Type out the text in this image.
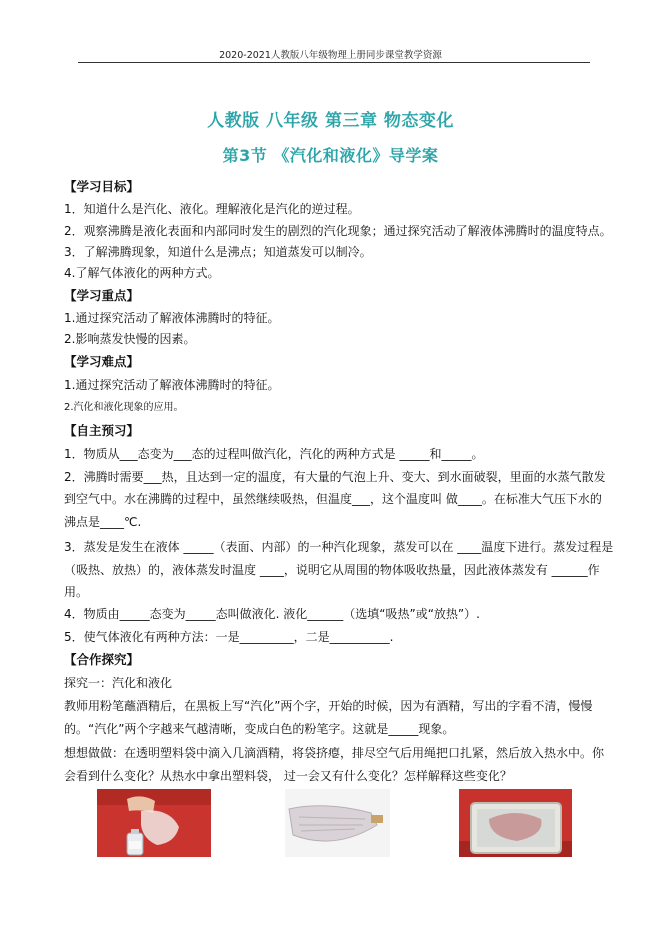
2020-2021人教版八年级物理上册同步课堂教学资源
人教版 八年级 第三章 物态变化
第3节 《汽化和液化》导学案
【学习目标】
1．知道什么是汽化、液化。理解液化是汽化的逆过程。
2．观察沸腾是液化表面和内部同时发生的剧烈的汽化现象；通过探究活动了解液体沸腾时的温度特点。
3．了解沸腾现象，知道什么是沸点；知道蒸发可以制冷。
4.了解气体液化的两种方式。
【学习重点】
1.通过探究活动了解液体沸腾时的特征。
2.影响蒸发快慢的因素。
【学习难点】
1.通过探究活动了解液体沸腾时的特征。
2.汽化和液化现象的应用。
【自主预习】
1．物质从___态变为___态的过程叫做汽化，汽化的两种方式是 _____和_____。
2．沸腾时需要___热，且达到一定的温度，有大量的气泡上升、变大、到水面破裂，里面的水蒸气散发
到空气中。水在沸腾的过程中，虽然继续吸热，但温度___，这个温度叫 做____。在标准大气压下水的
沸点是____℃.
3．蒸发是发生在液体 _____（表面、内部）的一种汽化现象，蒸发可以在 ____温度下进行。蒸发过程是
（吸热、放热）的，液体蒸发时温度 ____，说明它从周围的物体吸收热量，因此液体蒸发有 ______作
用。
4．物质由_____态变为_____态叫做液化. 液化______（选填“吸热”或“放热”）.
5．使气体液化有两种方法：一是_________，二是__________.
【合作探究】
探究一：汽化和液化
教师用粉笔蘸酒精后，在黑板上写“汽化”两个字，开始的时候，因为有酒精，写出的字看不清，慢慢
的。“汽化”两个字越来气越清晰，变成白色的粉笔字。这就是_____现象。
想想做做：在透明塑料袋中滴入几滴酒精，将袋挤瘪，排尽空气后用绳把口扎紧，然后放入热水中。你
会看到什么变化？从热水中拿出塑料袋， 过一会又有什么变化？怎样解释这些变化？
